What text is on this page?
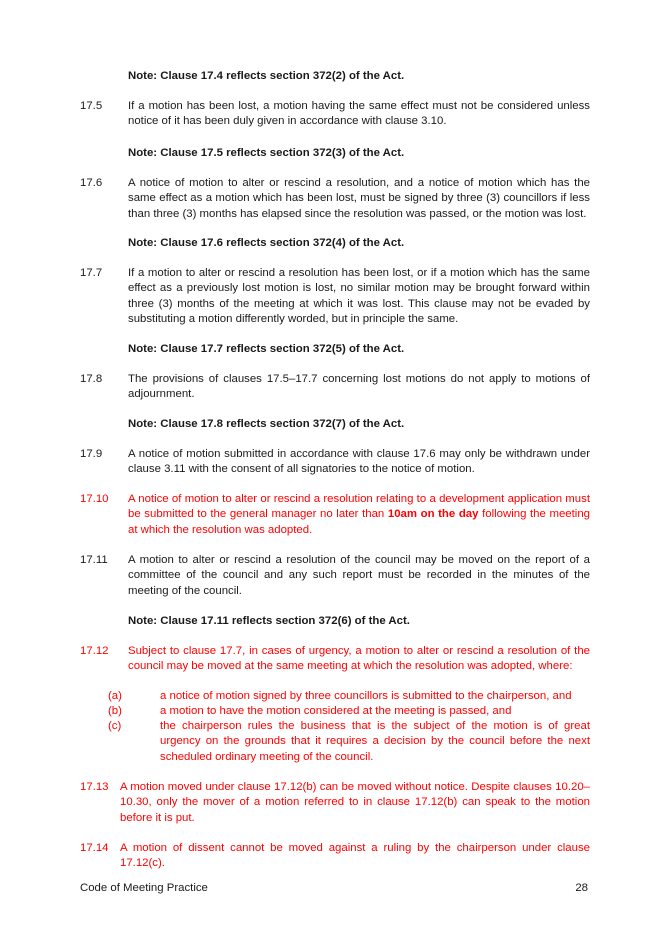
Note: Clause 17.4 reflects section 372(2) of the Act.
17.5	If a motion has been lost, a motion having the same effect must not be considered unless notice of it has been duly given in accordance with clause 3.10.
Note: Clause 17.5 reflects section 372(3) of the Act.
17.6	A notice of motion to alter or rescind a resolution, and a notice of motion which has the same effect as a motion which has been lost, must be signed by three (3) councillors if less than three (3) months has elapsed since the resolution was passed, or the motion was lost.
Note: Clause 17.6 reflects section 372(4) of the Act.
17.7	If a motion to alter or rescind a resolution has been lost, or if a motion which has the same effect as a previously lost motion is lost, no similar motion may be brought forward within three (3) months of the meeting at which it was lost. This clause may not be evaded by substituting a motion differently worded, but in principle the same.
Note: Clause 17.7 reflects section 372(5) of the Act.
17.8	The provisions of clauses 17.5–17.7 concerning lost motions do not apply to motions of adjournment.
Note: Clause 17.8 reflects section 372(7) of the Act.
17.9	A notice of motion submitted in accordance with clause 17.6 may only be withdrawn under clause 3.11 with the consent of all signatories to the notice of motion.
17.10	A notice of motion to alter or rescind a resolution relating to a development application must be submitted to the general manager no later than 10am on the day following the meeting at which the resolution was adopted.
17.11	A motion to alter or rescind a resolution of the council may be moved on the report of a committee of the council and any such report must be recorded in the minutes of the meeting of the council.
Note: Clause 17.11 reflects section 372(6) of the Act.
17.12	Subject to clause 17.7, in cases of urgency, a motion to alter or rescind a resolution of the council may be moved at the same meeting at which the resolution was adopted, where:
(a)	a notice of motion signed by three councillors is submitted to the chairperson, and
(b)	a motion to have the motion considered at the meeting is passed, and
(c)	the chairperson rules the business that is the subject of the motion is of great urgency on the grounds that it requires a decision by the council before the next scheduled ordinary meeting of the council.
17.13	A motion moved under clause 17.12(b) can be moved without notice. Despite clauses 10.20–10.30, only the mover of a motion referred to in clause 17.12(b) can speak to the motion before it is put.
17.14	A motion of dissent cannot be moved against a ruling by the chairperson under clause 17.12(c).
Code of Meeting Practice	28
